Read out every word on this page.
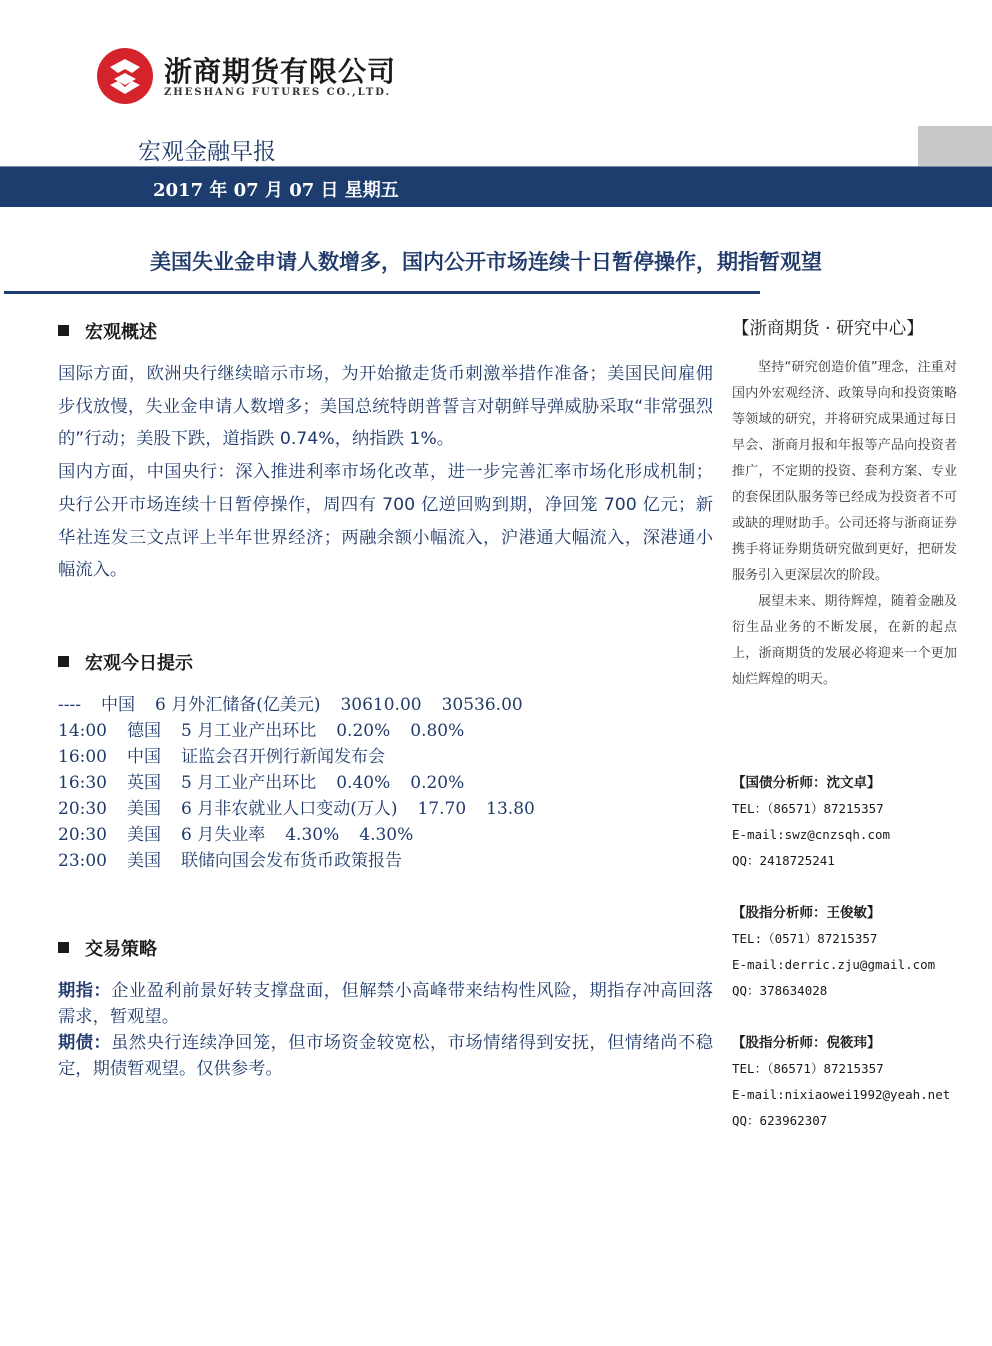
浙商期货有限公司
ZHESHANG FUTURES CO.,LTD.
宏观金融早报
2017 年 07 月 07 日 星期五
美国失业金申请人数增多，国内公开市场连续十日暂停操作，期指暂观望
宏观概述

国际方面，欧洲央行继续暗示市场，为开始撤走货币刺激举措作准备；美国民间雇佣步伐放慢，失业金申请人数增多；美国总统特朗普誓言对朝鲜导弹威胁采取“非常强烈的”行动；美股下跌，道指跌 0.74%，纳指跌 1%。

国内方面，中国央行：深入推进利率市场化改革，进一步完善汇率市场化形成机制；央行公开市场连续十日暂停操作，周四有 700 亿逆回购到期，净回笼 700 亿元；新华社连发三文点评上半年世界经济；两融余额小幅流入，沪港通大幅流入，深港通小幅流入。

宏观今日提示
---- 中国 6 月外汇储备(亿美元) 30610.00 30536.00
14:00 德国 5 月工业产出环比 0.20% 0.80%
16:00 中国 证监会召开例行新闻发布会
16:30 英国 5 月工业产出环比 0.40% 0.20%
20:30 美国 6 月非农就业人口变动(万人) 17.70 13.80
20:30 美国 6 月失业率 4.30% 4.30%
23:00 美国 联储向国会发布货币政策报告
交易策略

期指：企业盈利前景好转支撑盘面，但解禁小高峰带来结构性风险，期指存冲高回落需求，暂观望。

期债：虽然央行连续净回笼，但市场资金较宽松，市场情绪得到安抚，但情绪尚不稳定，期债暂观望。仅供参考。

【浙商期货 · 研究中心】

坚持“研究创造价值”理念，注重对国内外宏观经济、政策导向和投资策略等领域的研究，并将研究成果通过每日早会、浙商月报和年报等产品向投资者推广，不定期的投资、套利方案、专业的套保团队服务等已经成为投资者不可或缺的理财助手。公司还将与浙商证券携手将证券期货研究做到更好，把研发服务引入更深层次的阶段。

展望未来、期待辉煌，随着金融及衍生品业务的不断发展，在新的起点上，浙商期货的发展必将迎来一个更加灿烂辉煌的明天。

【国债分析师：沈文卓】
TEL：（86571）87215357
E-mail:swz@cnzsqh.com
QQ：2418725241
【股指分析师：王俊敏】
TEL:（0571）87215357
E-mail:derric.zju@gmail.com
QQ：378634028
【股指分析师：倪筱玮】
TEL：（86571）87215357
E-mail:nixiaowei1992@yeah.net
QQ：623962307
